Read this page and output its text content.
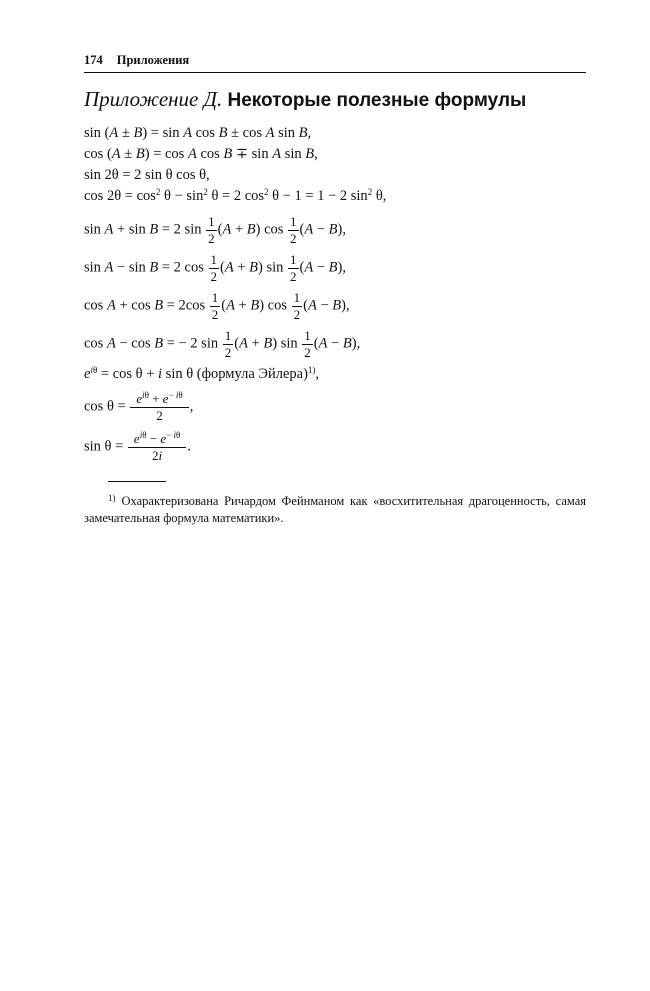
174 Приложения
Приложение Д. Некоторые полезные формулы
sin (A ± B) = sin A cos B ± cos A sin B,
cos (A ± B) = cos A cos B ∓ sin A sin B,
sin 2θ = 2 sin θ cos θ,
$\cos 2\theta = \cos^2 \theta - \sin^2 \theta = 2$ $\cos^2 \theta - 1 = 1 - 2$ $\sin^2 \theta$,
sin A + sin B = 2 $\sin \frac{1}{2} (A + B)$ $\cos \frac{1}{2} (A - B)$,
sin A − sin B = 2 $\cos \frac{1}{2} (A + B)$ $\sin \frac{1}{2} (A - B)$,
$\cos A + \cos B = 2\cos \frac{1}{2} (A + B)$ $\cos \frac{1}{2} (A - B)$,
cos A − cos B = − 2 $\sin \frac{1}{2} (A + B)$ $\sin \frac{1}{2} (A - B)$,
$e^{i\theta} = \cos \theta + i$ sin θ (формула Эйлера)$^{1)}$,
$\cos \theta = \frac{e^{i\theta} + e^{- i\theta}}{2}$ ,
$\sin \theta = \frac{e^{i\theta} - e^{- i\theta}}{2i}$ .
$^{1)}$ Охарактеризована Ричардом Фейнманом как «восхитительная драгоценность, самая замечательная формула математики».
